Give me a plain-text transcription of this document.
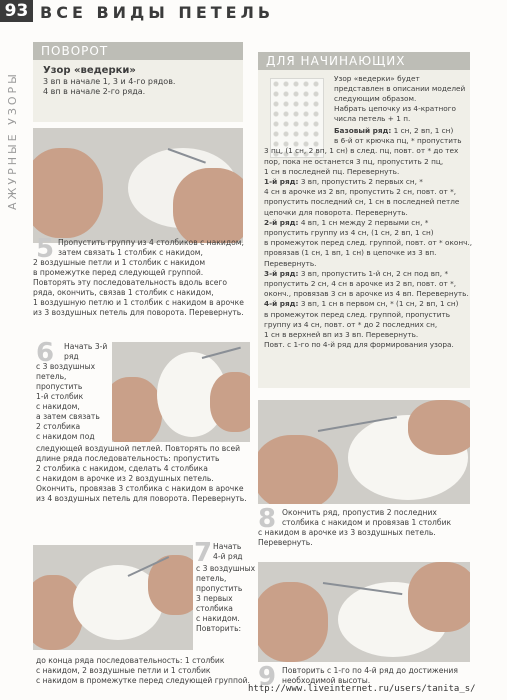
93 ВСЕ ВИДЫ ПЕТЕЛЬ
АЖУРНЫЕ УЗОРЫ
ПОВОРОТ
Узор «ведерки»
3 вп в начале 1, 3 и 4-го рядов.
4 вп в начале 2-го ряда.
ДЛЯ НАЧИНАЮЩИХ
Узор «ведерки» будет
представлен в описании моделей
следующим образом.
Набрать цепочку из 4-кратного
числа петель + 1 п.
Базовый ряд: 1 сн, 2 вп, 1 сн)
в 6-й от крючка пц, * пропустить
3 пц, (1 сн, 2 вп, 1 сн) в след. пц, повт. от * до тех
пор, пока не останется 3 пц, пропустить 2 пц,
1 сн в последней пц. Перевернуть.
1-й ряд: 3 вп, пропустить 2 первых сн, *
4 сн в арочке из 2 вп, пропустить 2 сн, повт. от *,
пропустить последний сн, 1 сн в последней петле
цепочки для поворота. Перевернуть.
2-й ряд: 4 вп, 1 сн между 2 первыми сн, *
пропустить группу из 4 сн, (1 сн, 2 вп, 1 сн)
в промежуток перед след. группой, повт. от * оконч.,
провязав (1 сн, 1 вп, 1 сн) в цепочке из 3 вп.
Перевернуть.
3-й ряд: 3 вп, пропустить 1-й сн, 2 сн под вп, *
пропустить 2 сн, 4 сн в арочке из 2 вп, повт. от *,
оконч., провязав 3 сн в арочке из 4 вп. Перевернуть.
4-й ряд: 3 вп, 1 сн в первом сн, * (1 сн, 2 вп, 1 сн)
в промежуток перед след. группой, пропустить
группу из 4 сн, повт. от * до 2 последних сн,
1 сн в верхней вп из 3 вп. Перевернуть.
Повт. с 1-го по 4-й ряд для формирования узора.
5 Пропустить группу из 4 столбиков с накидом,
затем связать 1 столбик с накидом,
2 воздушные петли и 1 столбик с накидом
в промежутке перед следующей группой.
Повторять эту последовательность вдоль всего
ряда, окончить, связав 1 столбик с накидом,
1 воздушную петлю и 1 столбик с накидом в арочке
из 3 воздушных петель для поворота. Перевернуть.
6 Начать 3-й
ряд
с 3 воздушных
петель,
пропустить
1-й столбик
с накидом,
а затем связать
2 столбика
с накидом под
следующей воздушной петлей. Повторять по всей
длине ряда последовательность: пропустить
2 столбика с накидом, сделать 4 столбика
с накидом в арочке из 2 воздушных петель.
Окончить, провязав 3 столбика с накидом в арочке
из 4 воздушных петель для поворота. Перевернуть.
7 Начать
4-й ряд
с 3 воздушных
петель,
пропустить
3 первых
столбика
с накидом.
Повторить:
до конца ряда последовательность: 1 столбик
с накидом, 2 воздушные петли и 1 столбик
с накидом в промежутке перед следующей группой.
8 Окончить ряд, пропустив 2 последних
столбика с накидом и провязав 1 столбик
с накидом в арочке из 3 воздушных петель.
Перевернуть.
9 Повторить с 1-го по 4-й ряд до достижения
необходимой высоты.
http://www.liveinternet.ru/users/tanita_s/
